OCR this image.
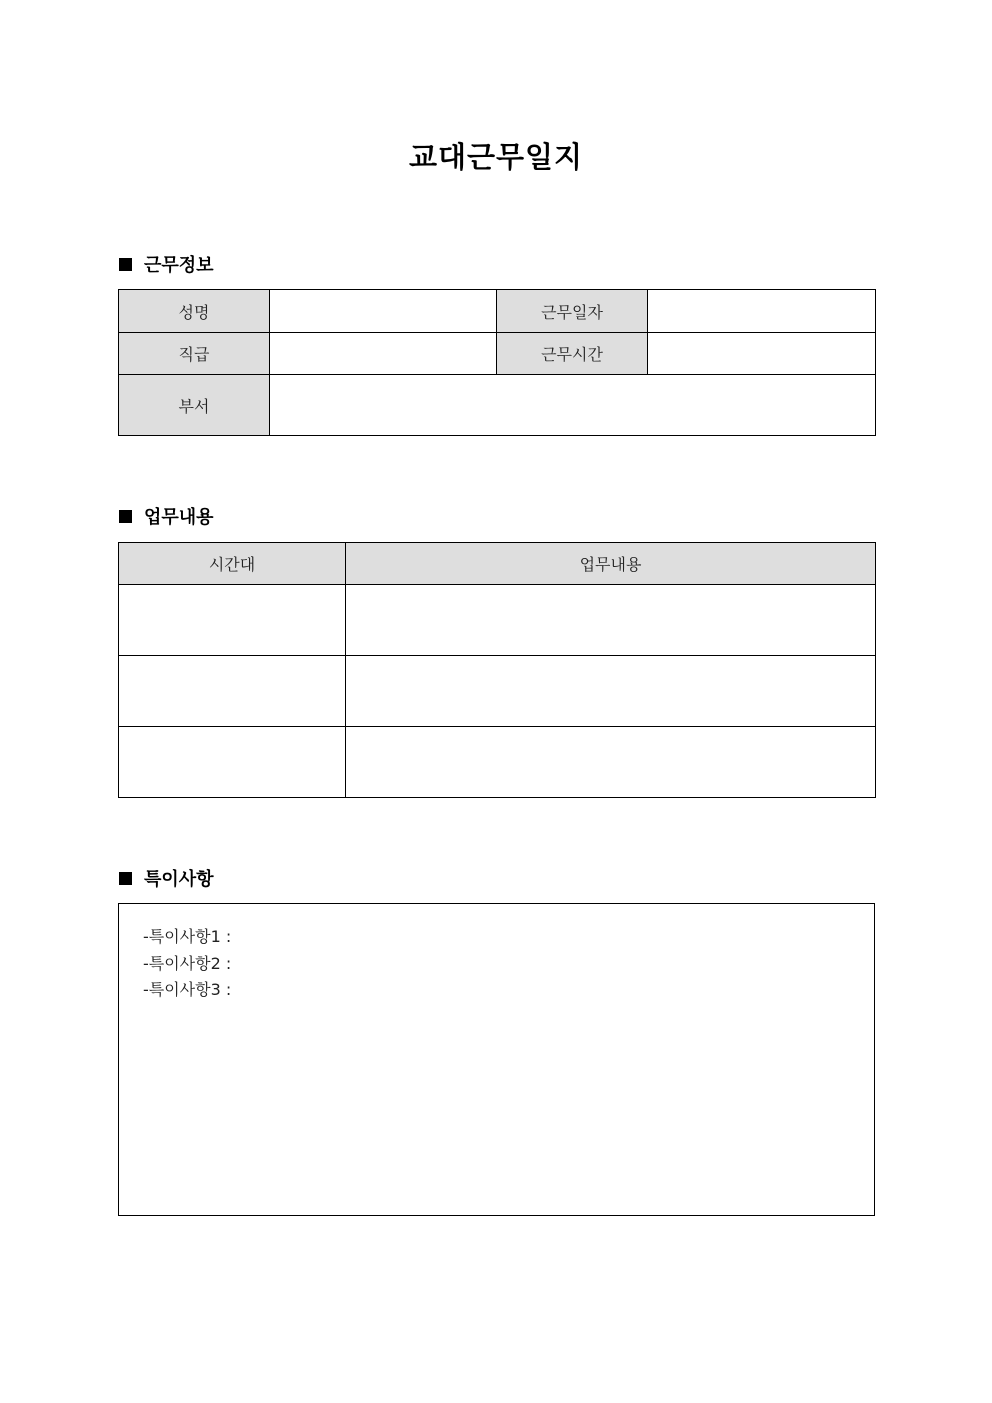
교대근무일지
근무정보
성명		근무일자	
직급		근무시간	
부서			
업무내용
시간대	업무내용

특이사항
-특이사항1 :
-특이사항2 :
-특이사항3 :
